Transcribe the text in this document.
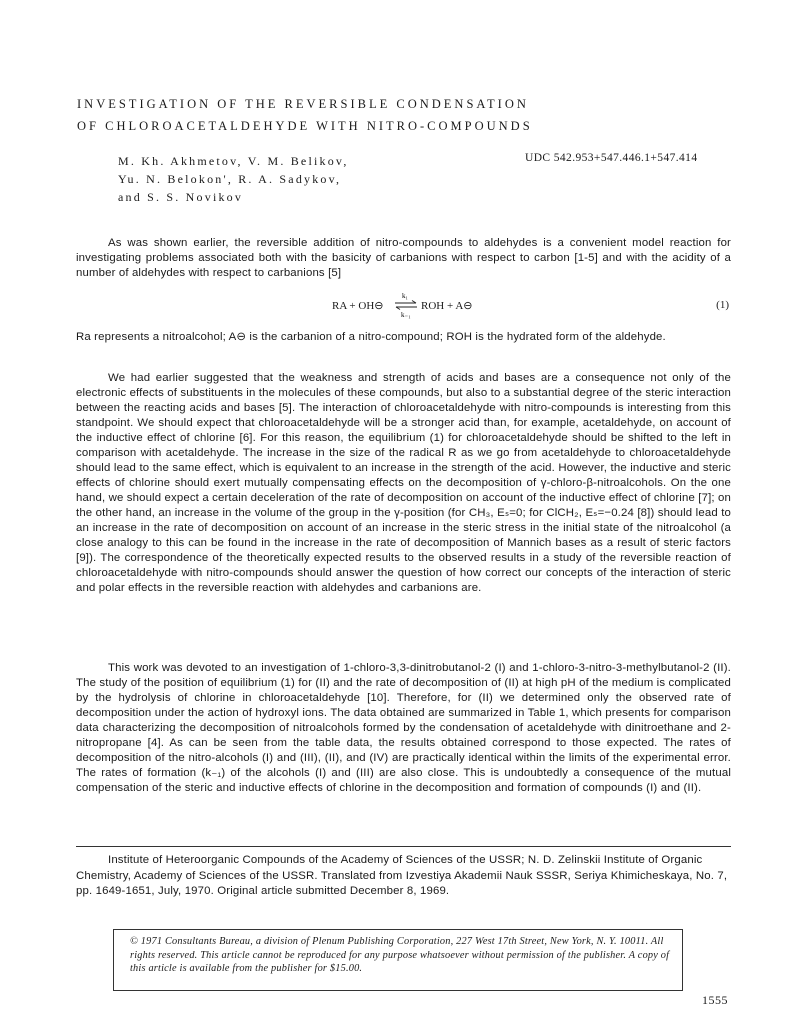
INVESTIGATION OF THE REVERSIBLE CONDENSATION
OF CHLOROACETALDEHYDE WITH NITRO-COMPOUNDS
M. Kh. Akhmetov, V. M. Belikov,
Yu. N. Belokon', R. A. Sadykov,
and S. S. Novikov
UDC 542.953+547.446.1+547.414

As was shown earlier, the reversible addition of nitro-compounds to aldehydes is a convenient model reaction for investigating problems associated both with the basicity of carbanions with respect to carbon [1-5] and with the acidity of a number of aldehydes with respect to carbanions [5]

RA + OH⊖
k₁
k₋₁
ROH + A⊖	(1)

Ra represents a nitroalcohol; A⊖ is the carbanion of a nitro-compound; ROH is the hydrated form of the aldehyde.

We had earlier suggested that the weakness and strength of acids and bases are a consequence not only of the electronic effects of substituents in the molecules of these compounds, but also to a substantial degree of the steric interaction between the reacting acids and bases [5]. The interaction of chloroacetaldehyde with nitro-compounds is interesting from this standpoint. We should expect that chloroacetaldehyde will be a stronger acid than, for example, acetaldehyde, on account of the inductive effect of chlorine [6]. For this reason, the equilibrium (1) for chloroacetaldehyde should be shifted to the left in comparison with acetaldehyde. The increase in the size of the radical R as we go from acetaldehyde to chloroacetaldehyde should lead to the same effect, which is equivalent to an increase in the strength of the acid. However, the inductive and steric effects of chlorine should exert mutually compensating effects on the decomposition of γ-chloro-β-nitroalcohols. On the one hand, we should expect a certain deceleration of the rate of decomposition on account of the inductive effect of chlorine [7]; on the other hand, an increase in the volume of the group in the γ-position (for CH₃, Eₛ=0; for ClCH₂, Eₛ=−0.24 [8]) should lead to an increase in the rate of decomposition on account of an increase in the steric stress in the initial state of the nitroalcohol (a close analogy to this can be found in the increase in the rate of decomposition of Mannich bases as a result of steric factors [9]). The correspondence of the theoretically expected results to the observed results in a study of the reversible reaction of chloroacetaldehyde with nitro-compounds should answer the question of how correct our concepts of the interaction of steric and polar effects in the reversible reaction with aldehydes and carbanions are.

This work was devoted to an investigation of 1-chloro-3,3-dinitrobutanol-2 (I) and 1-chloro-3-nitro-3-methylbutanol-2 (II). The study of the position of equilibrium (1) for (II) and the rate of decomposition of (II) at high pH of the medium is complicated by the hydrolysis of chlorine in chloroacetaldehyde [10]. Therefore, for (II) we determined only the observed rate of decomposition under the action of hydroxyl ions. The data obtained are summarized in Table 1, which presents for comparison data characterizing the decomposition of nitroalcohols formed by the condensation of acetaldehyde with dinitroethane and 2-nitropropane [4]. As can be seen from the table data, the results obtained correspond to those expected. The rates of decomposition of the nitro-alcohols (I) and (III), (II), and (IV) are practically identical within the limits of the experimental error. The rates of formation (k₋₁) of the alcohols (I) and (III) are also close. This is undoubtedly a consequence of the mutual compensation of the steric and inductive effects of chlorine in the decomposition and formation of compounds (I) and (II).

Institute of Heteroorganic Compounds of the Academy of Sciences of the USSR; N. D. Zelinskii Institute of Organic Chemistry, Academy of Sciences of the USSR. Translated from Izvestiya Akademii Nauk SSSR, Seriya Khimicheskaya, No. 7, pp. 1649-1651, July, 1970. Original article submitted December 8, 1969.

© 1971 Consultants Bureau, a division of Plenum Publishing Corporation, 227 West 17th Street, New York, N. Y. 10011. All rights reserved. This article cannot be reproduced for any purpose whatsoever without permission of the publisher. A copy of this article is available from the publisher for $15.00.
1555
